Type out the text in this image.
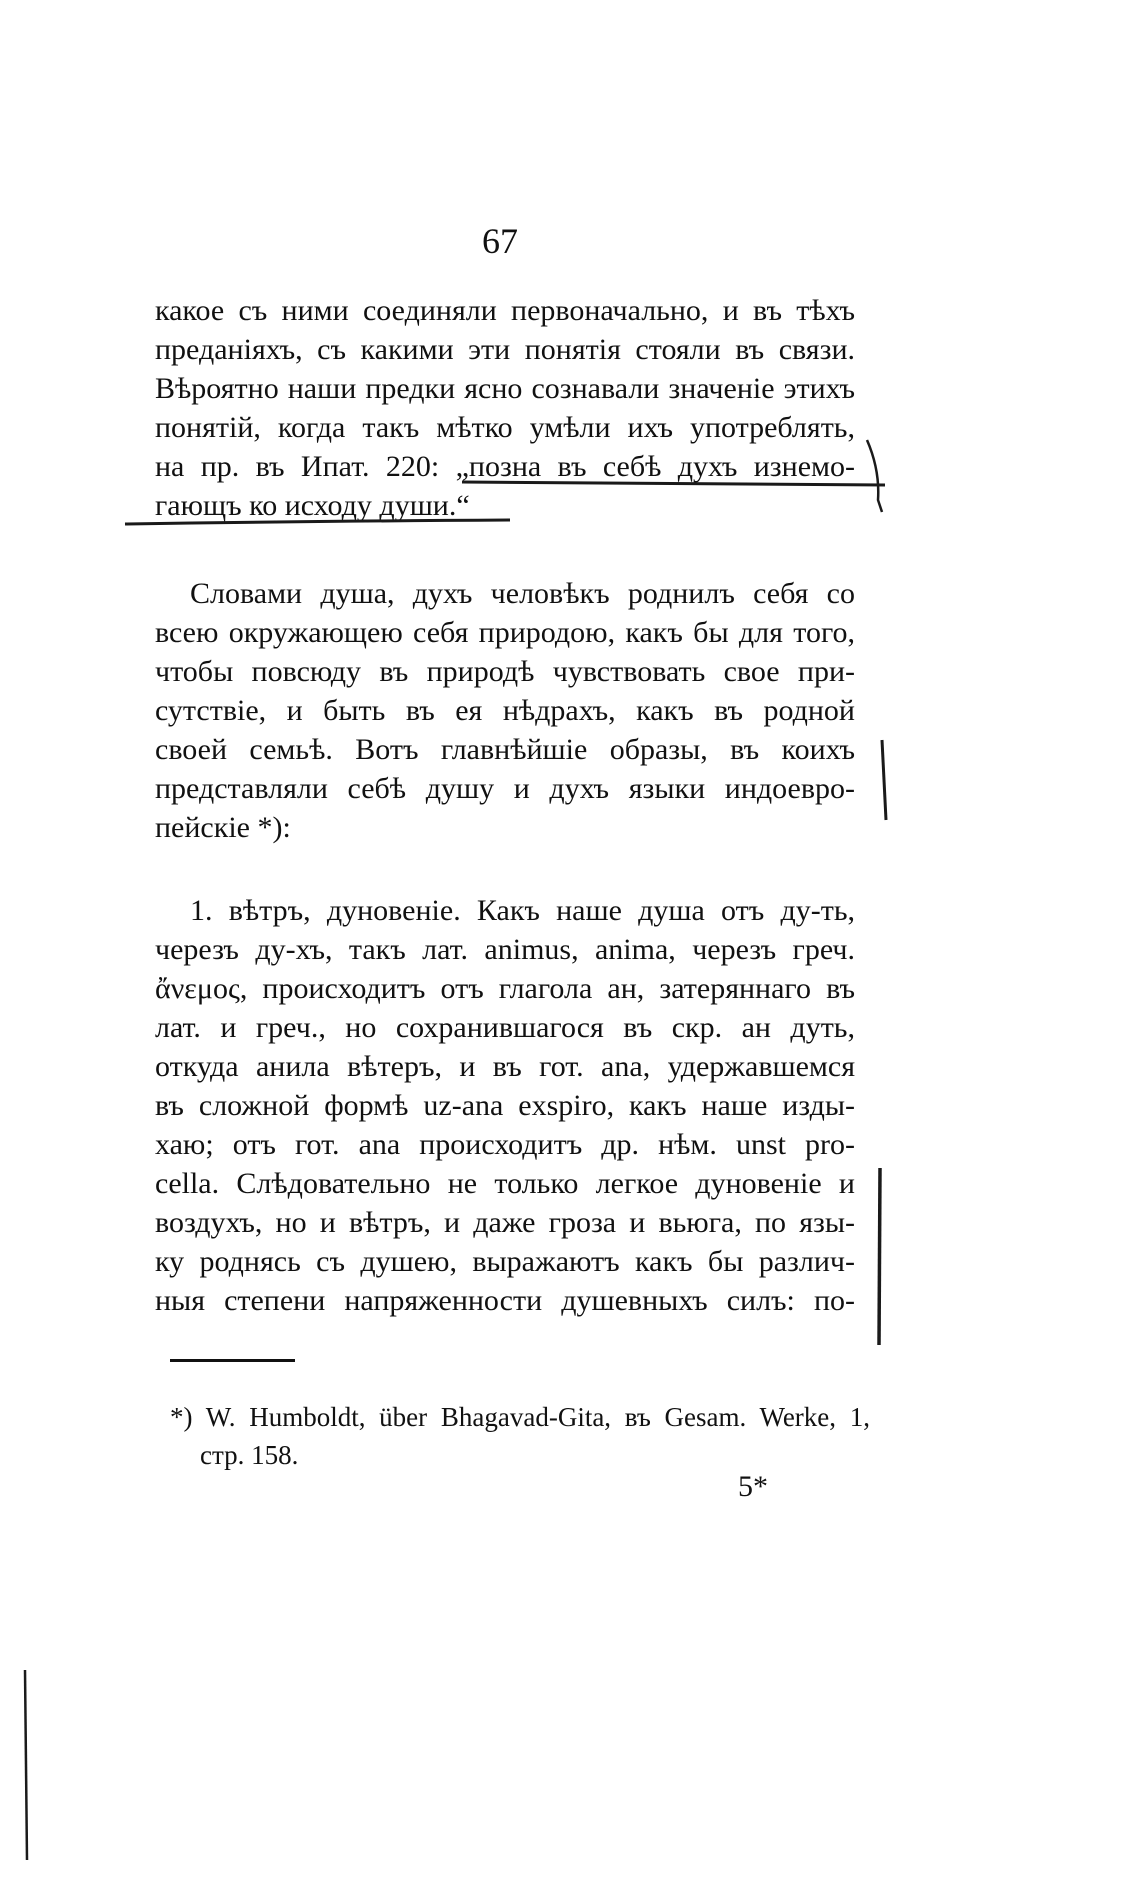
67
какое съ ними соединяли первоначально, и въ тѣхъ
преданіяхъ, съ какими эти понятія стояли въ связи.
Вѣроятно наши предки ясно сознавали значеніе этихъ
понятій, когда такъ мѣтко умѣли ихъ употреблять,
на пр. въ Ипат. 220: „позна въ себѣ духъ изнемо-
гающъ ко исходу души.“
Словами душа, духъ человѣкъ роднилъ себя со
всею окружающею себя природою, какъ бы для того,
чтобы повсюду въ природѣ чувствовать свое при-
сутствіе, и быть въ ея нѣдрахъ, какъ въ родной
своей семьѣ. Вотъ главнѣйшіе образы, въ коихъ
представляли себѣ душу и духъ языки индоевро-
пейскіе *):
1. вѣтръ, дуновеніе. Какъ наше душа отъ ду-ть,
черезъ ду-хъ, такъ лат. animus, anima, черезъ греч.
ἄνεμος, происходитъ отъ глагола ан, затеряннаго въ
лат. и греч., но сохранившагося въ скр. ан дуть,
откуда анила вѣтеръ, и въ гот. ana, удержавшемся
въ сложной формѣ uz-ana exspiro, какъ наше изды-
хаю; отъ гот. ana происходитъ др. нѣм. unst pro-
cella. Слѣдовательно не только легкое дуновеніе и
воздухъ, но и вѣтръ, и даже гроза и вьюга, по язы-
ку роднясь съ душею, выражаютъ какъ бы различ-
ныя степени напряженности душевныхъ силъ: по-
*) W. Humboldt, über Bhagavad-Gita, въ Gesam. Werke, 1,
стр. 158.
5*
